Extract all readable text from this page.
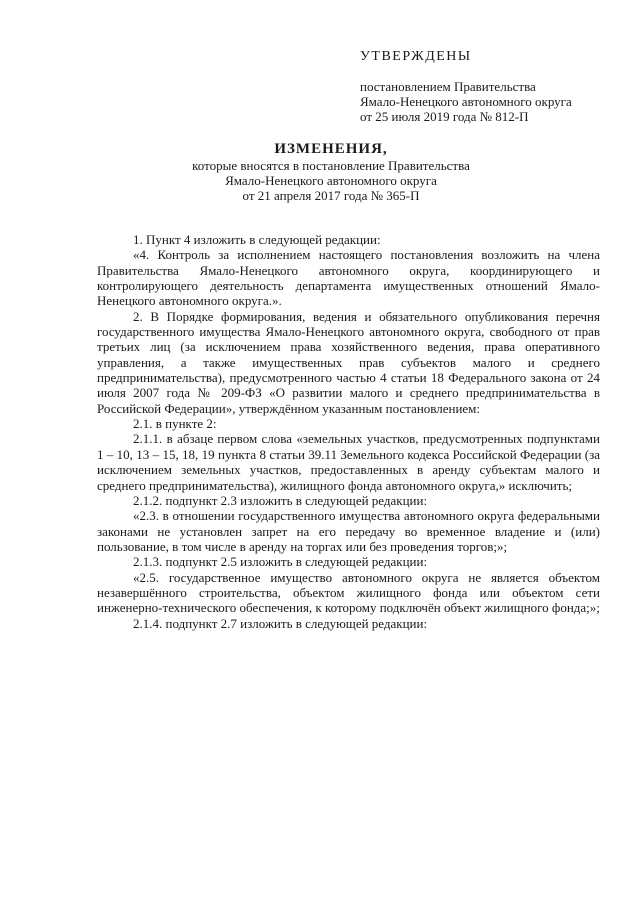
УТВЕРЖДЕНЫ
постановлением Правительства
Ямало-Ненецкого автономного округа
от 25 июля 2019 года № 812-П
ИЗМЕНЕНИЯ,
которые вносятся в постановление Правительства
Ямало-Ненецкого автономного округа
от 21 апреля 2017 года № 365-П

1. Пункт 4 изложить в следующей редакции:

«4. Контроль за исполнением настоящего постановления возложить на члена Правительства Ямало-Ненецкого автономного округа, координирующего и контролирующего деятельность департамента имущественных отношений Ямало-Ненецкого автономного округа.».

2. В Порядке формирования, ведения и обязательного опубликования перечня государственного имущества Ямало-Ненецкого автономного округа, свободного от прав третьих лиц (за исключением права хозяйственного ведения, права оперативного управления, а также имущественных прав субъектов малого и среднего предпринимательства), предусмотренного частью 4 статьи 18 Федерального закона от 24 июля 2007 года № 209-ФЗ «О развитии малого и среднего предпринимательства в Российской Федерации», утверждённом указанным постановлением:

2.1. в пункте 2:

2.1.1. в абзаце первом слова «земельных участков, предусмотренных подпунктами 1 – 10, 13 – 15, 18, 19 пункта 8 статьи 39.11 Земельного кодекса Российской Федерации (за исключением земельных участков, предоставленных в аренду субъектам малого и среднего предпринимательства), жилищного фонда автономного округа,» исключить;

2.1.2. подпункт 2.3 изложить в следующей редакции:

«2.3. в отношении государственного имущества автономного округа федеральными законами не установлен запрет на его передачу во временное владение и (или) пользование, в том числе в аренду на торгах или без проведения торгов;»;

2.1.3. подпункт 2.5 изложить в следующей редакции:

«2.5. государственное имущество автономного округа не является объектом незавершённого строительства, объектом жилищного фонда или объектом сети инженерно-технического обеспечения, к которому подключён объект жилищного фонда;»;

2.1.4. подпункт 2.7 изложить в следующей редакции:
